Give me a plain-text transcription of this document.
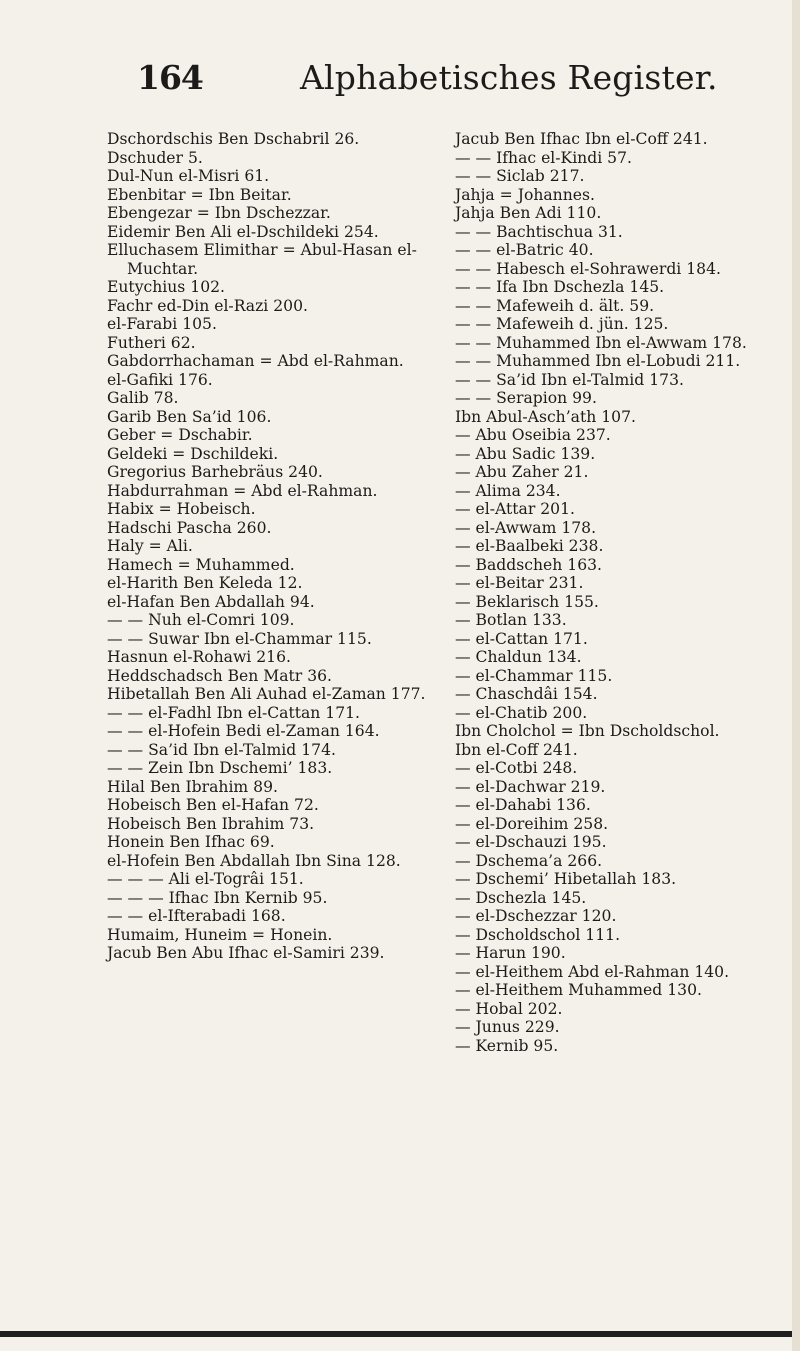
164	Alphabetisches Register.

Dschordschis Ben Dschabril 26.

Dschuder 5.

Dul-Nun el-Misri 61.

Ebenbitar = Ibn Beitar.

Ebengezar = Ibn Dschezzar.

Eidemir Ben Ali el-Dschildeki 254.

Elluchasem Elimithar = Abul-Hasan el-Muchtar.

Eutychius 102.

Fachr ed-Din el-Razi 200.

el-Farabi 105.

Futheri 62.

Gabdorrhachaman = Abd el-Rahman.

el-Gafiki 176.

Galib 78.

Garib Ben Sa’id 106.

Geber = Dschabir.

Geldeki = Dschildeki.

Gregorius Barhebräus 240.

Habdurrahman = Abd el-Rahman.

Habix = Hobeisch.

Hadschi Pascha 260.

Haly = Ali.

Hamech = Muhammed.

el-Harith Ben Keleda 12.

el-Hafan Ben Abdallah 94.

— — Nuh el-Comri 109.

— — Suwar Ibn el-Chammar 115.

Hasnun el-Rohawi 216.

Heddschadsch Ben Matr 36.

Hibetallah Ben Ali Auhad el-Zaman 177.

— — el-Fadhl Ibn el-Cattan 171.

— — el-Hofein Bedi el-Zaman 164.

— — Sa’id Ibn el-Talmid 174.

— — Zein Ibn Dschemi’ 183.

Hilal Ben Ibrahim 89.

Hobeisch Ben el-Hafan 72.

Hobeisch Ben Ibrahim 73.

Honein Ben Ifhac 69.

el-Hofein Ben Abdallah Ibn Sina 128.

— — — Ali el-Togrâi 151.

— — — Ifhac Ibn Kernib 95.

— — el-Ifterabadi 168.

Humaim, Huneim = Honein.

Jacub Ben Abu Ifhac el-Samiri 239.

Jacub Ben Ifhac Ibn el-Coff 241.

— — Ifhac el-Kindi 57.

— — Siclab 217.

Jahja = Johannes.

Jahja Ben Adi 110.

— — Bachtischua 31.

— — el-Batric 40.

— — Habesch el-Sohrawerdi 184.

— — Ifa Ibn Dschezla 145.

— — Mafeweih d. ält. 59.

— — Mafeweih d. jün. 125.

— — Muhammed Ibn el-Awwam 178.

— — Muhammed Ibn el-Lobudi 211.

— — Sa’id Ibn el-Talmid 173.

— — Serapion 99.

Ibn Abul-Asch’ath 107.

— Abu Oseibia 237.

— Abu Sadic 139.

— Abu Zaher 21.

— Alima 234.

— el-Attar 201.

— el-Awwam 178.

— el-Baalbeki 238.

— Baddscheh 163.

— el-Beitar 231.

— Beklarisch 155.

— Botlan 133.

— el-Cattan 171.

— Chaldun 134.

— el-Chammar 115.

— Chaschdâi 154.

— el-Chatib 200.

Ibn Cholchol = Ibn Dscholdschol.

Ibn el-Coff 241.

— el-Cotbi 248.

— el-Dachwar 219.

— el-Dahabi 136.

— el-Doreihim 258.

— el-Dschauzi 195.

— Dschema’a 266.

— Dschemi’ Hibetallah 183.

— Dschezla 145.

— el-Dschezzar 120.

— Dscholdschol 111.

— Harun 190.

— el-Heithem Abd el-Rahman 140.

— el-Heithem Muhammed 130.

— Hobal 202.

— Junus 229.

— Kernib 95.
